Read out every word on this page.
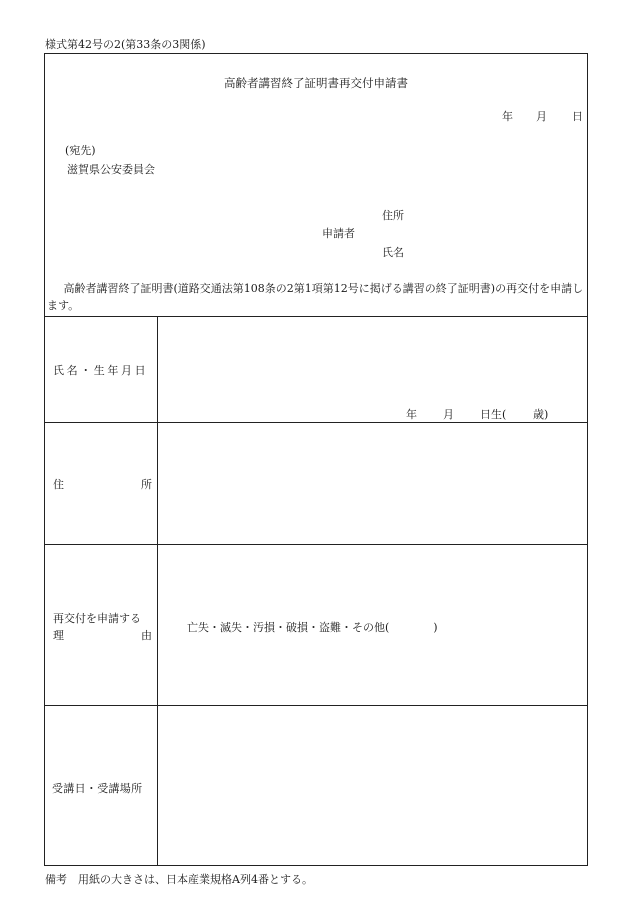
様式第42号の2(第33条の3関係)
高齢者講習終了証明書再交付申請書
年 月 日
(宛先)
滋賀県公安委員会
住所
申請者
氏名
高齢者講習終了証明書(道路交通法第108条の2第1項第12号に掲げる講習の終了証明書)の再交付を申請します。
氏名・生年月日
年 月 日生( 歳)
住	所
再交付を申請する
理	由
亡失・滅失・汚損・破損・盗難・その他(　　　　)
受講日・受講場所
備考　用紙の大きさは、日本産業規格A列4番とする。
